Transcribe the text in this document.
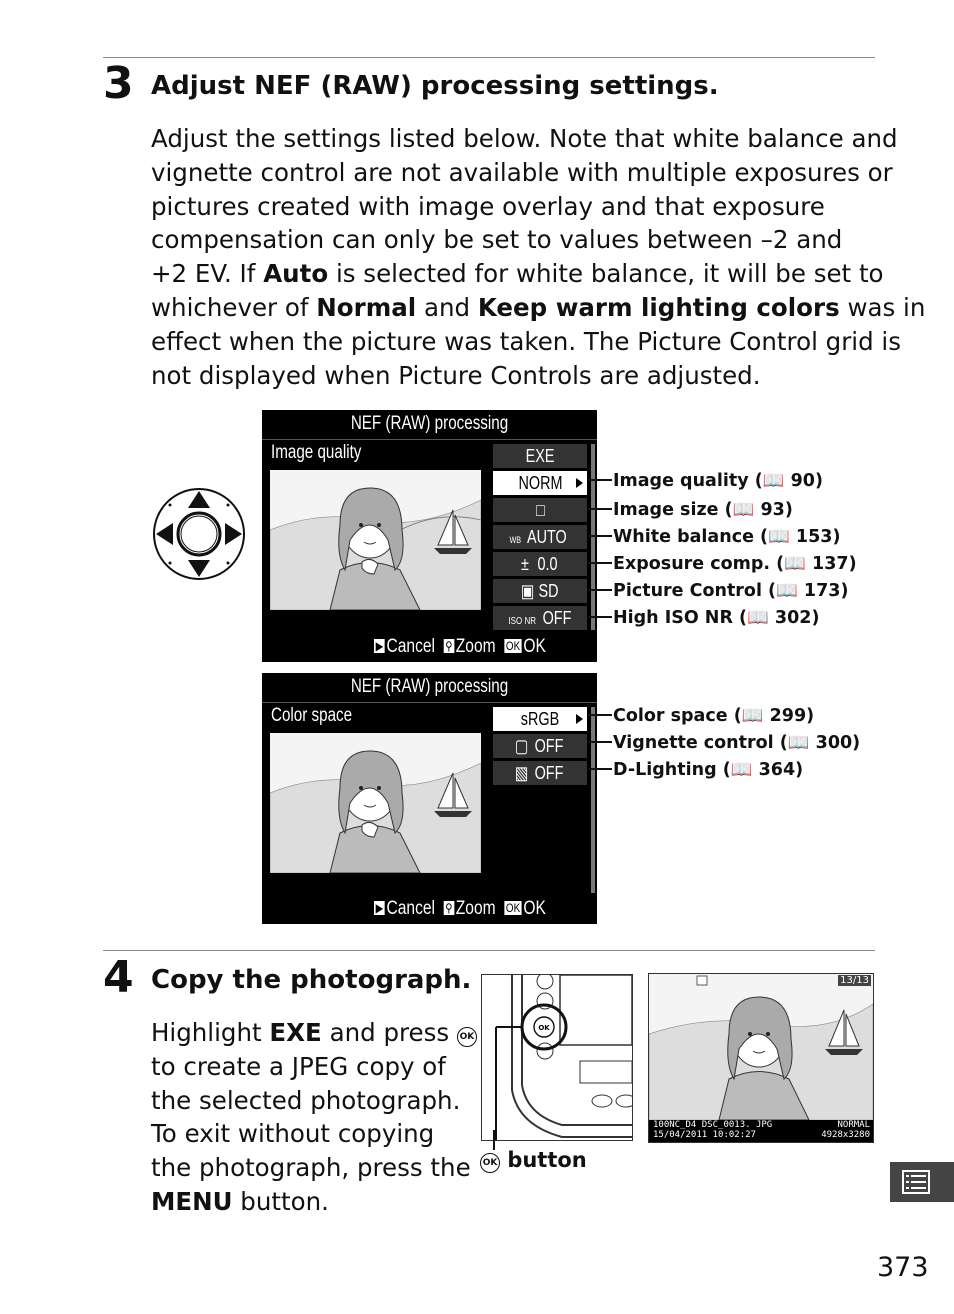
3 Adjust NEF (RAW) processing settings.

Adjust the settings listed below. Note that white balance and
vignette control are not available with multiple exposures or
pictures created with image overlay and that exposure
compensation can only be set to values between –2 and
+2 EV. If Auto is selected for white balance, it will be set to
whichever of Normal and Keep warm lighting colors was in
effect when the picture was taken. The Picture Control grid is
not displayed when Picture Controls are adjusted.

NEF (RAW) processing
Image quality	EXE
NORM
□
WB AUTO
± 0.0
▣ SD
ISO NR OFF
▶ Cancel ⚲ Zoom OK OK
Image quality (📖 90)
Image size (📖 93)
White balance (📖 153)
Exposure comp. (📖 137)
Picture Control (📖 173)
High ISO NR (📖 302)
NEF (RAW) processing
Color space	sRGB
▢ OFF
▧ OFF
▶ Cancel ⚲ Zoom OK OK
Color space (📖 299)
Vignette control (📖 300)
D-Lighting (📖 364)
4 Copy the photograph.

Highlight EXE and press OK
to create a JPEG copy of
the selected photograph.
To exit without copying
the photograph, press the
MENU button.

OK
OK button
13/13
100NC_D4 DSC_0013. JPG	NORMAL
15/04/2011 10:02:27	4928x3280
373
